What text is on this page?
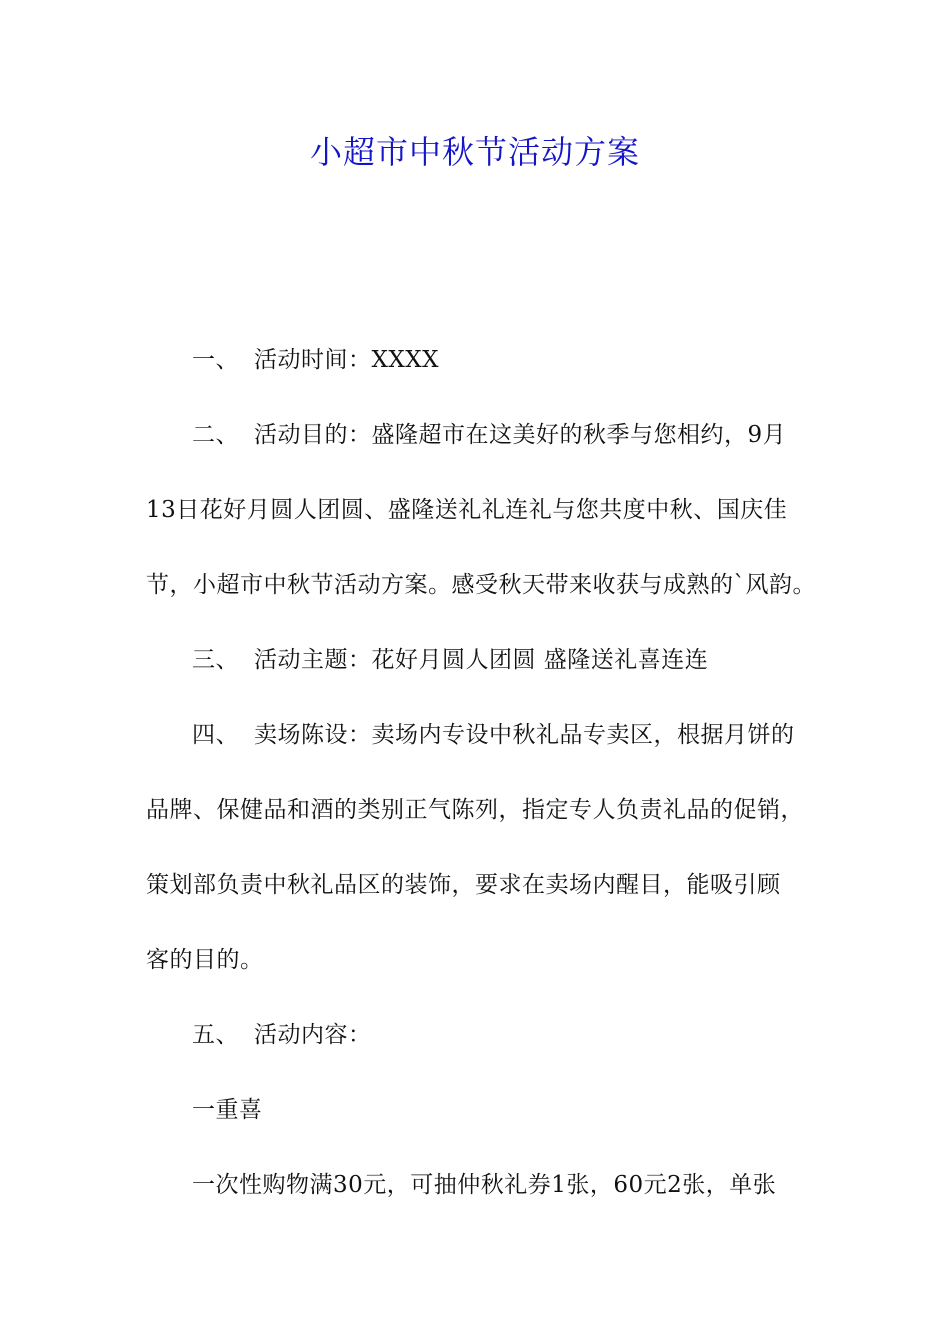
小超市中秋节活动方案
一、 活动时间：XXXX
二、 活动目的：盛隆超市在这美好的秋季与您相约，9月
13日花好月圆人团圆、盛隆送礼礼连礼与您共度中秋、国庆佳
节，小超市中秋节活动方案。感受秋天带来收获与成熟的`风韵。
三、 活动主题：花好月圆人团圆 盛隆送礼喜连连
四、 卖场陈设：卖场内专设中秋礼品专卖区，根据月饼的
品牌、保健品和酒的类别正气陈列，指定专人负责礼品的促销，
策划部负责中秋礼品区的装饰，要求在卖场内醒目，能吸引顾
客的目的。
五、 活动内容：
一重喜
一次性购物满30元，可抽仲秋礼券1张，60元2张，单张
